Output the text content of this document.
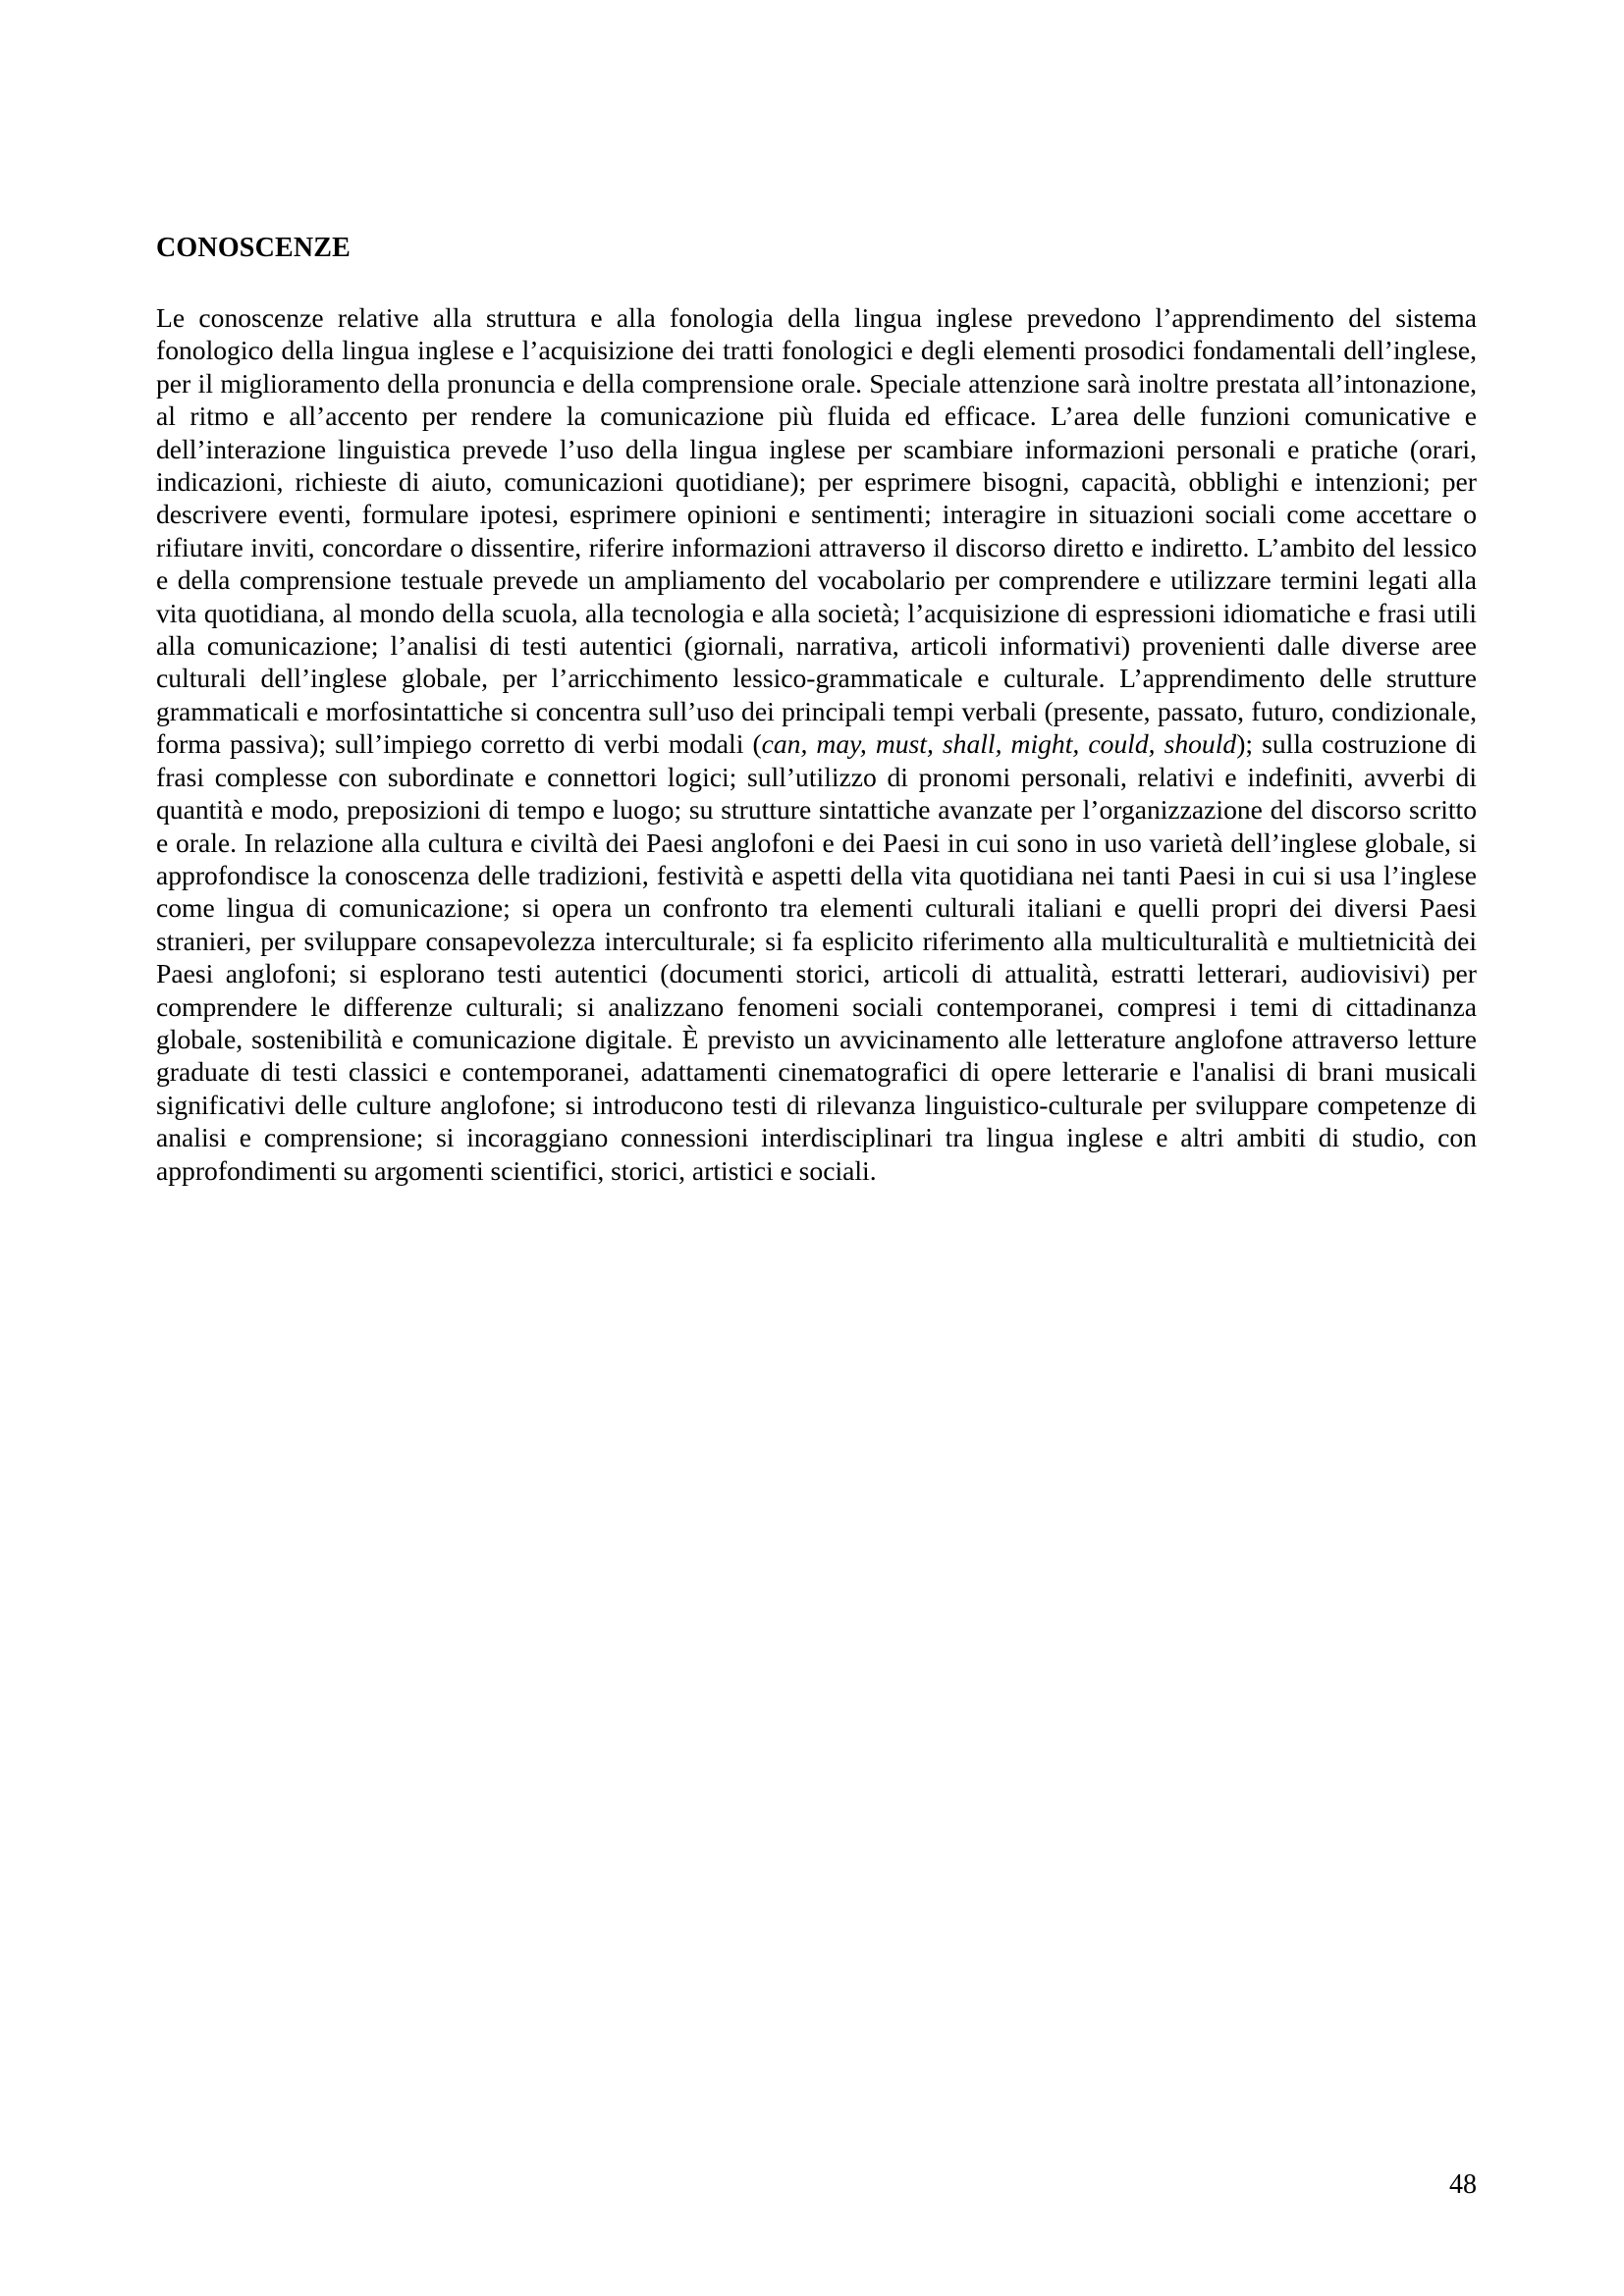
CONOSCENZE

Le conoscenze relative alla struttura e alla fonologia della lingua inglese prevedono l’apprendimento del sistema fonologico della lingua inglese e l’acquisizione dei tratti fonologici e degli elementi prosodici fondamentali dell’inglese, per il miglioramento della pronuncia e della comprensione orale. Speciale attenzione sarà inoltre prestata all’intonazione, al ritmo e all’accento per rendere la comunicazione più fluida ed efficace. L’area delle funzioni comunicative e dell’interazione linguistica prevede l’uso della lingua inglese per scambiare informazioni personali e pratiche (orari, indicazioni, richieste di aiuto, comunicazioni quotidiane); per esprimere bisogni, capacità, obblighi e intenzioni; per descrivere eventi, formulare ipotesi, esprimere opinioni e sentimenti; interagire in situazioni sociali come accettare o rifiutare inviti, concordare o dissentire, riferire informazioni attraverso il discorso diretto e indiretto. L’ambito del lessico e della comprensione testuale prevede un ampliamento del vocabolario per comprendere e utilizzare termini legati alla vita quotidiana, al mondo della scuola, alla tecnologia e alla società; l’acquisizione di espressioni idiomatiche e frasi utili alla comunicazione; l’analisi di testi autentici (giornali, narrativa, articoli informativi) provenienti dalle diverse aree culturali dell’inglese globale, per l’arricchimento lessico-grammaticale e culturale. L’apprendimento delle strutture grammaticali e morfosintattiche si concentra sull’uso dei principali tempi verbali (presente, passato, futuro, condizionale, forma passiva); sull’impiego corretto di verbi modali (can, may, must, shall, might, could, should); sulla costruzione di frasi complesse con subordinate e connettori logici; sull’utilizzo di pronomi personali, relativi e indefiniti, avverbi di quantità e modo, preposizioni di tempo e luogo; su strutture sintattiche avanzate per l’organizzazione del discorso scritto e orale. In relazione alla cultura e civiltà dei Paesi anglofoni e dei Paesi in cui sono in uso varietà dell’inglese globale, si approfondisce la conoscenza delle tradizioni, festività e aspetti della vita quotidiana nei tanti Paesi in cui si usa l’inglese come lingua di comunicazione; si opera un confronto tra elementi culturali italiani e quelli propri dei diversi Paesi stranieri, per sviluppare consapevolezza interculturale; si fa esplicito riferimento alla multiculturalità e multietnicità dei Paesi anglofoni; si esplorano testi autentici (documenti storici, articoli di attualità, estratti letterari, audiovisivi) per comprendere le differenze culturali; si analizzano fenomeni sociali contemporanei, compresi i temi di cittadinanza globale, sostenibilità e comunicazione digitale. È previsto un avvicinamento alle letterature anglofone attraverso letture graduate di testi classici e contemporanei, adattamenti cinematografici di opere letterarie e l'analisi di brani musicali significativi delle culture anglofone; si introducono testi di rilevanza linguistico-culturale per sviluppare competenze di analisi e comprensione; si incoraggiano connessioni interdisciplinari tra lingua inglese e altri ambiti di studio, con approfondimenti su argomenti scientifici, storici, artistici e sociali.

48
